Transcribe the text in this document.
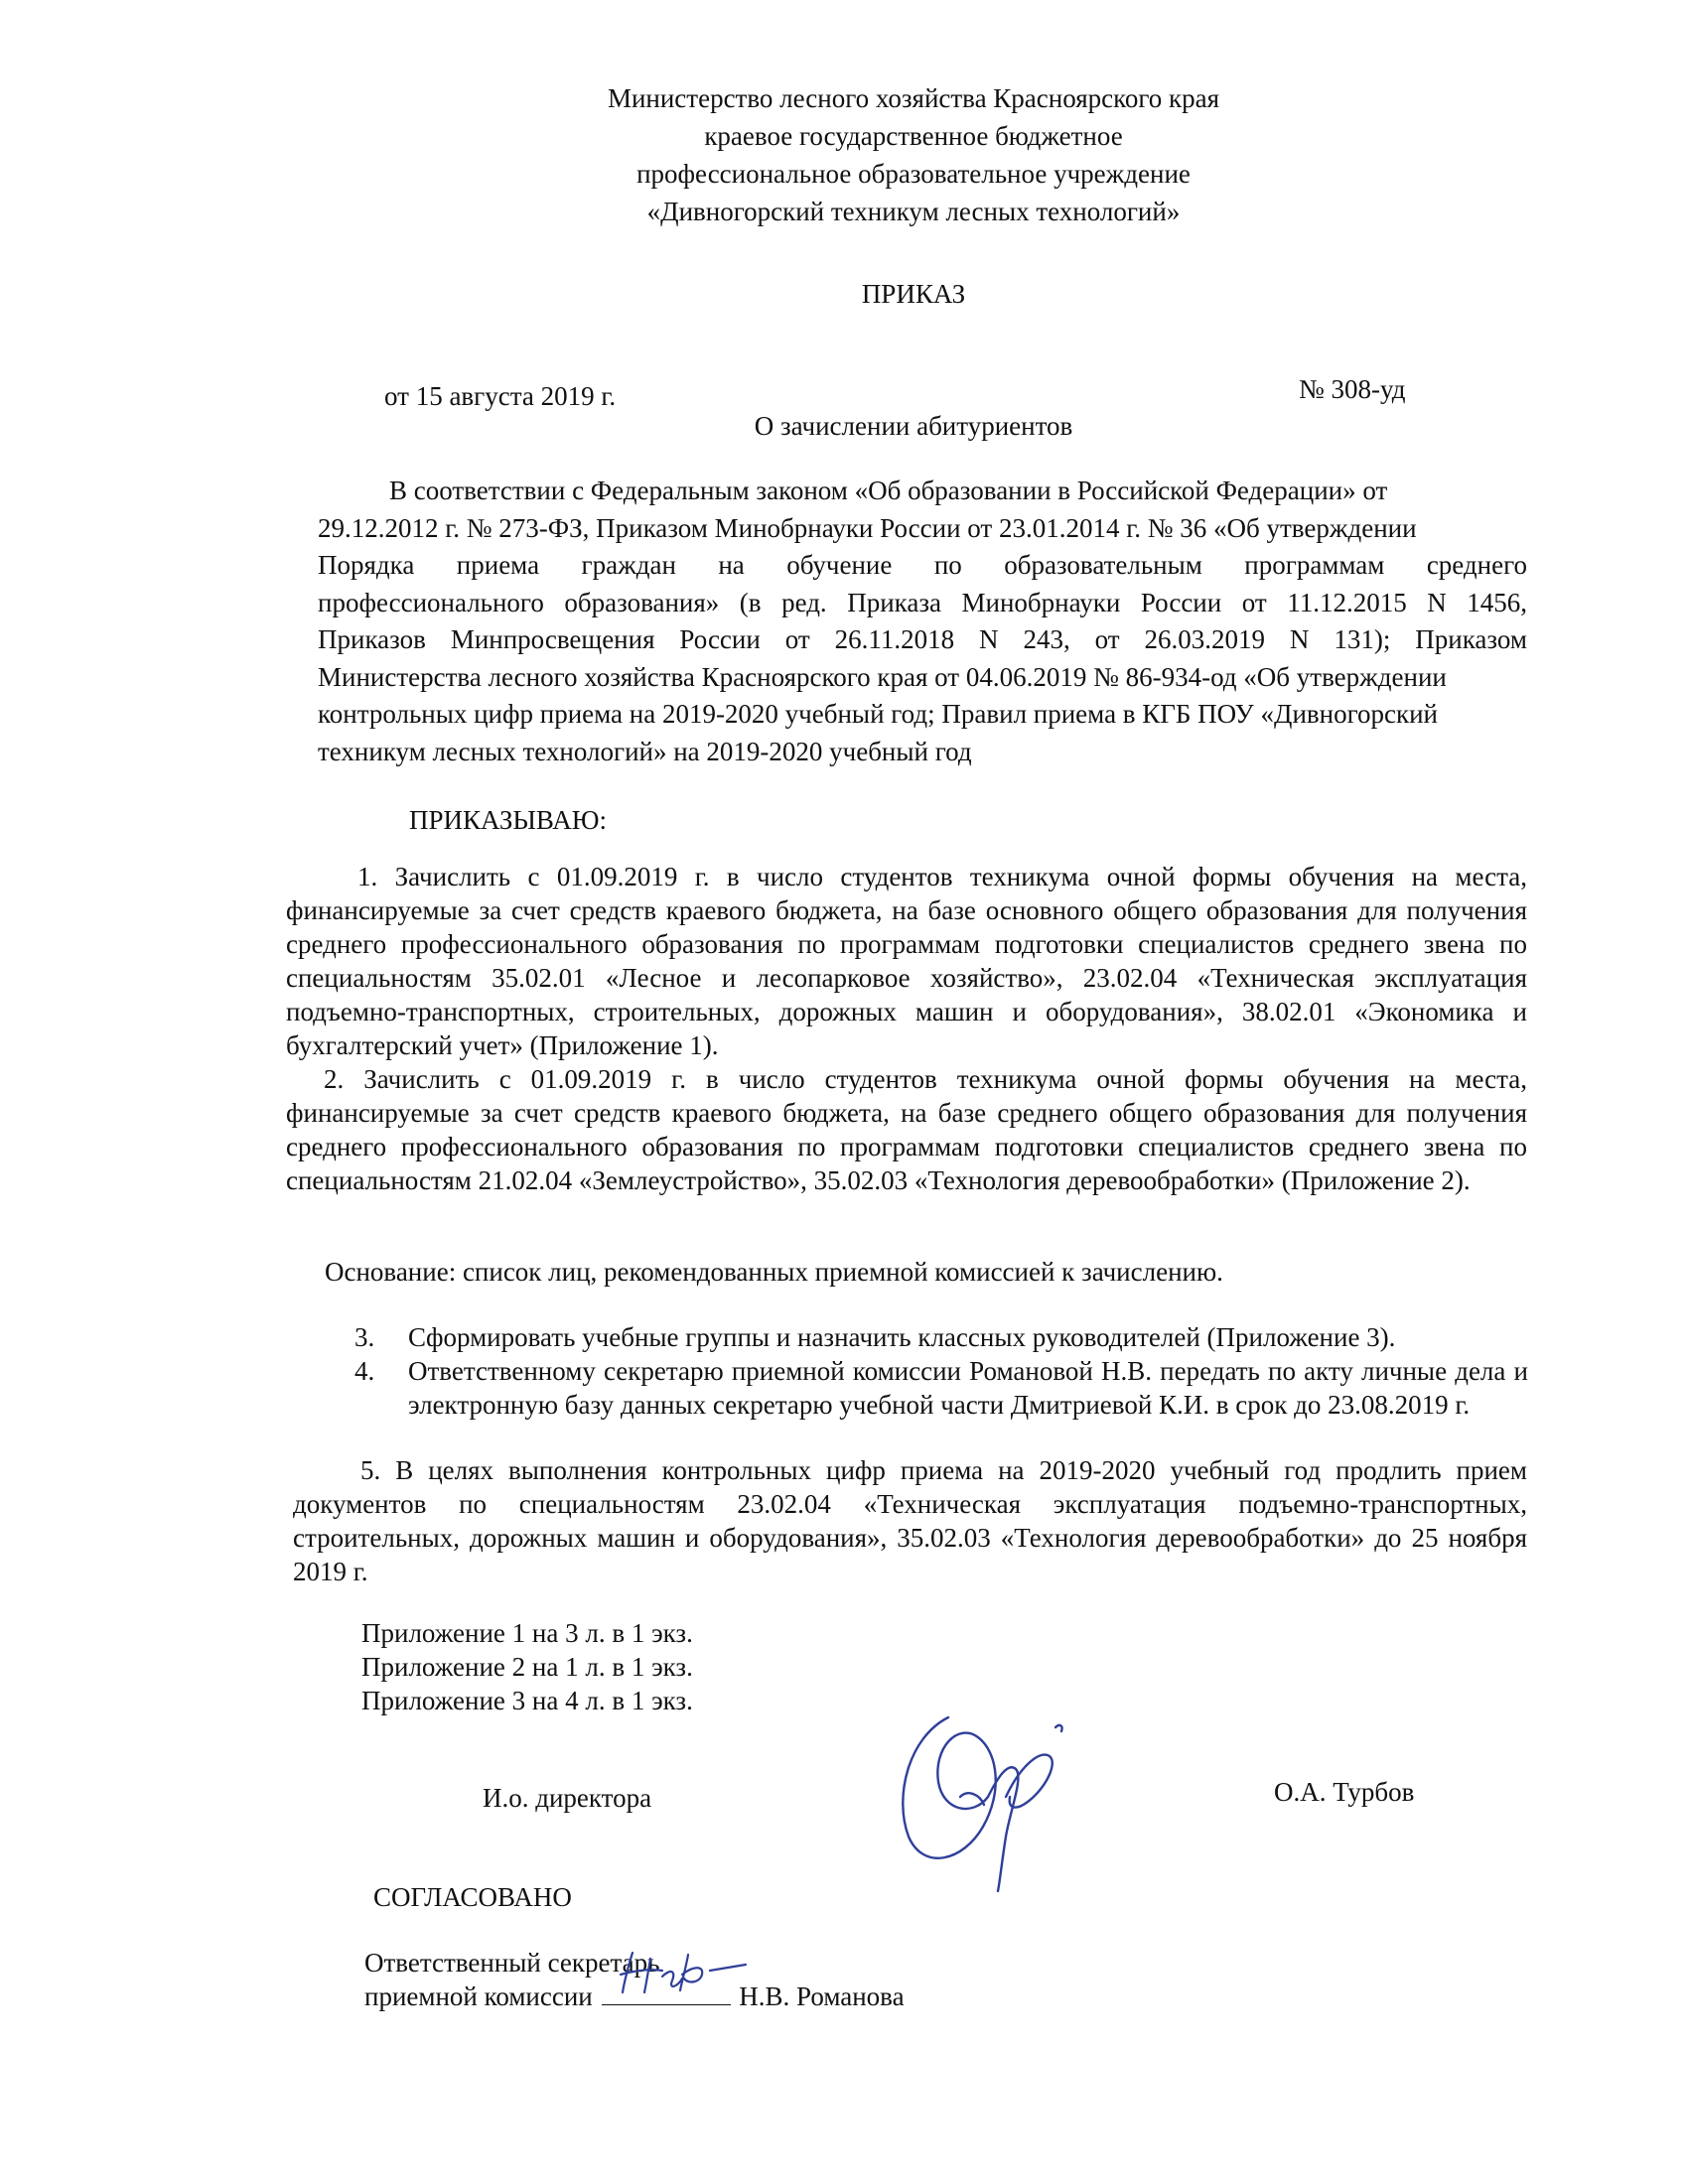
Министерство лесного хозяйства Красноярского края
краевое государственное бюджетное
профессиональное образовательное учреждение
«Дивногорский техникум лесных технологий»
ПРИКАЗ
от 15 августа 2019 г.	№ 308-уд
О зачислении абитуриентов

В соответствии с Федеральным законом «Об образовании в Российской Федерации» от

29.12.2012 г. № 273-ФЗ, Приказом Минобрнауки России от 23.01.2014 г. № 36 «Об утверждении

Порядка приема граждан на обучение по образовательным программам среднего

профессионального образования» (в ред. Приказа Минобрнауки России от 11.12.2015 N 1456,

Приказов Минпросвещения России от 26.11.2018 N 243, от 26.03.2019 N 131); Приказом

Министерства лесного хозяйства Красноярского края от 04.06.2019 № 86-934-од «Об утверждении

контрольных цифр приема на 2019-2020 учебный год; Правил приема в КГБ ПОУ «Дивногорский

техникум лесных технологий» на 2019-2020 учебный год

ПРИКАЗЫВАЮ:

1. Зачислить с 01.09.2019 г. в число студентов техникума очной формы обучения на места, финансируемые за счет средств краевого бюджета, на базе основного общего образования для получения среднего профессионального образования по программам подготовки специалистов среднего звена по специальностям 35.02.01 «Лесное и лесопарковое хозяйство», 23.02.04 «Техническая эксплуатация подъемно-транспортных, строительных, дорожных машин и оборудования», 38.02.01 «Экономика и бухгалтерский учет» (Приложение 1).

2. Зачислить с 01.09.2019 г. в число студентов техникума очной формы обучения на места, финансируемые за счет средств краевого бюджета, на базе среднего общего образования для получения среднего профессионального образования по программам подготовки специалистов среднего звена по специальностям 21.02.04 «Землеустройство», 35.02.03 «Технология деревообработки» (Приложение 2).

Основание: список лиц, рекомендованных приемной комиссией к зачислению.
3. Сформировать учебные группы и назначить классных руководителей (Приложение 3).
4. Ответственному секретарю приемной комиссии Романовой Н.В. передать по акту личные дела и электронную базу данных секретарю учебной части Дмитриевой К.И. в срок до 23.08.2019 г.

5. В целях выполнения контрольных цифр приема на 2019-2020 учебный год продлить прием документов по специальностям 23.02.04 «Техническая эксплуатация подъемно-транспортных, строительных, дорожных машин и оборудования», 35.02.03 «Технология деревообработки» до 25 ноября 2019 г.

Приложение 1 на 3 л. в 1 экз.
Приложение 2 на 1 л. в 1 экз.
Приложение 3 на 4 л. в 1 экз.
И.о. директора	О.А. Турбов
СОГЛАСОВАНО
Ответственный секретарь
приемной комиссии	Н.В. Романова
